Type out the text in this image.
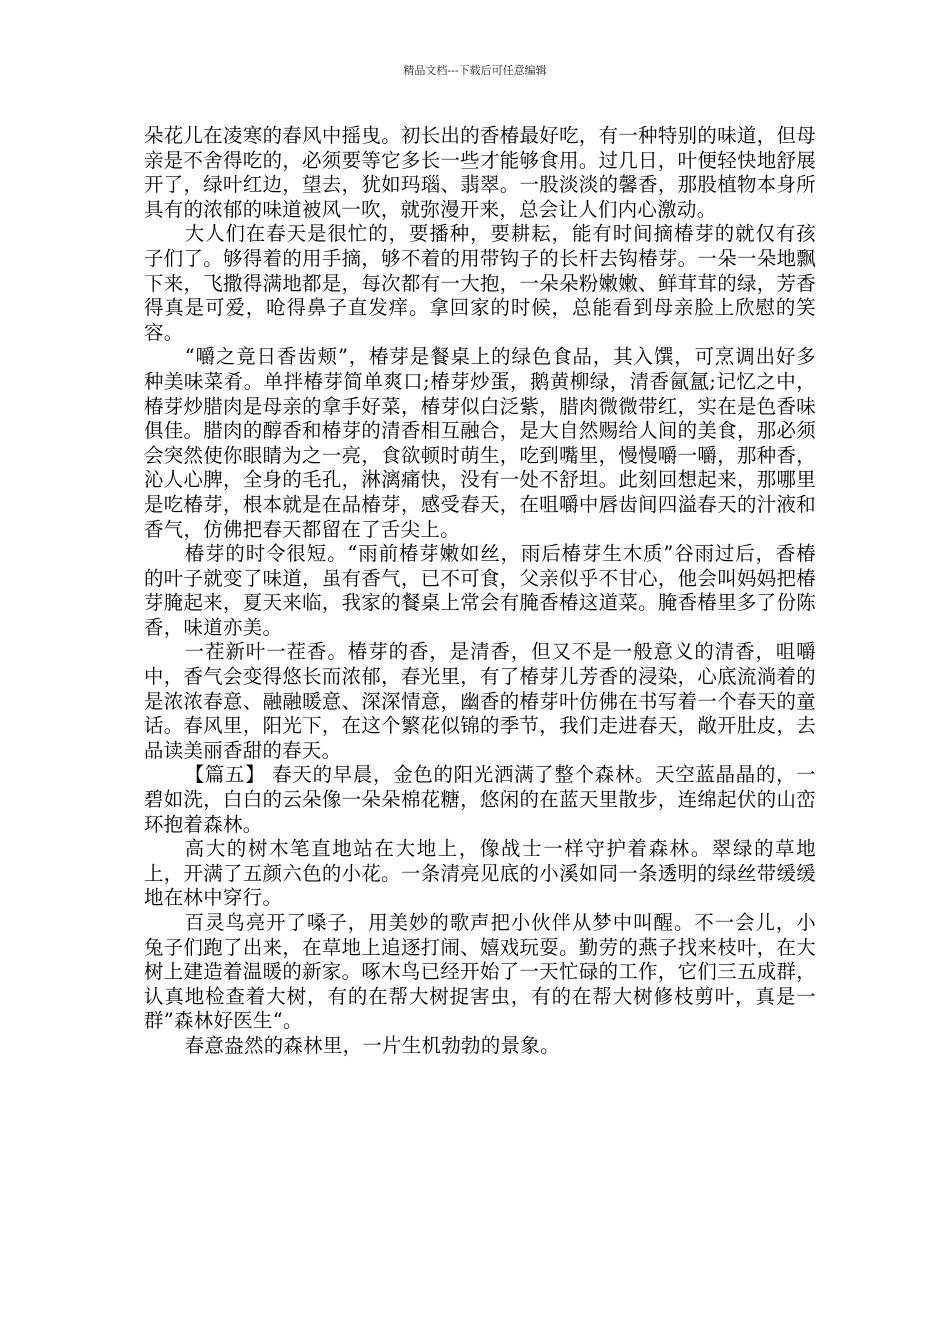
精品文档---下载后可任意编辑

朵花儿在凌寒的春风中摇曳。初长出的香椿最好吃，有一种特别的味道，但母亲是不舍得吃的，必须要等它多长一些才能够食用。过几日，叶便轻快地舒展开了，绿叶红边，望去，犹如玛瑙、翡翠。一股淡淡的馨香，那股植物本身所具有的浓郁的味道被风一吹，就弥漫开来，总会让人们内心激动。

大人们在春天是很忙的，要播种，要耕耘，能有时间摘椿芽的就仅有孩子们了。够得着的用手摘，够不着的用带钩子的长杆去钩椿芽。一朵一朵地飘下来，飞撒得满地都是，每次都有一大抱，一朵朵粉嫩嫩、鲜茸茸的绿，芳香得真是可爱，呛得鼻子直发痒。拿回家的时候，总能看到母亲脸上欣慰的笑容。

“嚼之竟日香齿颊”，椿芽是餐桌上的绿色食品，其入馔，可烹调出好多种美味菜肴。单拌椿芽简单爽口;椿芽炒蛋，鹅黄柳绿，清香氤氲;记忆之中，椿芽炒腊肉是母亲的拿手好菜，椿芽似白泛紫，腊肉微微带红，实在是色香味俱佳。腊肉的醇香和椿芽的清香相互融合，是大自然赐给人间的美食，那必须会突然使你眼睛为之一亮，食欲顿时萌生，吃到嘴里，慢慢嚼一嚼，那种香，沁人心脾，全身的毛孔，淋漓痛快，没有一处不舒坦。此刻回想起来，那哪里是吃椿芽，根本就是在品椿芽，感受春天，在咀嚼中唇齿间四溢春天的汁液和香气，仿佛把春天都留在了舌尖上。

椿芽的时令很短。“雨前椿芽嫩如丝，雨后椿芽生木质”谷雨过后，香椿的叶子就变了味道，虽有香气，已不可食，父亲似乎不甘心，他会叫妈妈把椿芽腌起来，夏天来临，我家的餐桌上常会有腌香椿这道菜。腌香椿里多了份陈香，味道亦美。

一茬新叶一茬香。椿芽的香，是清香，但又不是一般意义的清香，咀嚼中，香气会变得悠长而浓郁，春光里，有了椿芽儿芳香的浸染，心底流淌着的是浓浓春意、融融暖意、深深情意，幽香的椿芽叶仿佛在书写着一个春天的童话。春风里，阳光下，在这个繁花似锦的季节，我们走进春天，敞开肚皮，去品读美丽香甜的春天。

【篇五】 春天的早晨，金色的阳光洒满了整个森林。天空蓝晶晶的，一碧如洗，白白的云朵像一朵朵棉花糖，悠闲的在蓝天里散步，连绵起伏的山峦环抱着森林。

高大的树木笔直地站在大地上，像战士一样守护着森林。翠绿的草地上，开满了五颜六色的小花。一条清亮见底的小溪如同一条透明的绿丝带缓缓地在林中穿行。

百灵鸟亮开了嗓子，用美妙的歌声把小伙伴从梦中叫醒。不一会儿，小兔子们跑了出来，在草地上追逐打闹、嬉戏玩耍。勤劳的燕子找来枝叶，在大树上建造着温暖的新家。啄木鸟已经开始了一天忙碌的工作，它们三五成群，认真地检查着大树，有的在帮大树捉害虫，有的在帮大树修枝剪叶，真是一群”森林好医生“。

春意盎然的森林里，一片生机勃勃的景象。
